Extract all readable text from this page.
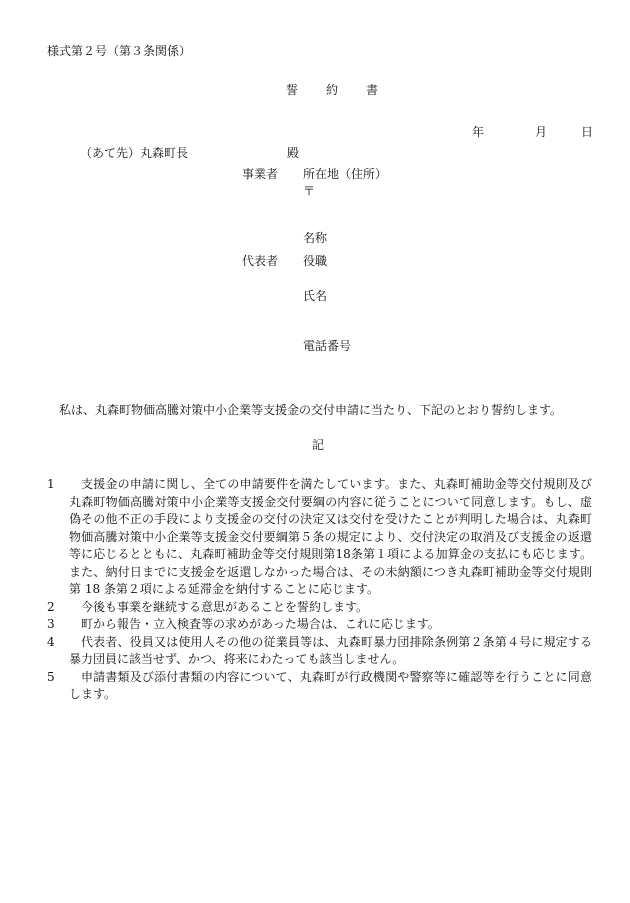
様式第２号（第３条関係）
誓　約　書
年	月	日
（あて先）丸森町長	殿
事業者 所在地（住所）
〒
名称
代表者 役職
氏名
電話番号

私は、丸森町物価高騰対策中小企業等支援金の交付申請に当たり、下記のとおり誓約します。

記
1	支援金の申請に関し、全ての申請要件を満たしています。また、丸森町補助金等交付規則及び丸森町物価高騰対策中小企業等支援金交付要綱の内容に従うことについて同意します。もし、虚偽その他不正の手段により支援金の交付の決定又は交付を受けたことが判明した場合は、丸森町物価高騰対策中小企業等支援金交付要綱第５条の規定により、交付決定の取消及び支援金の返還等に応じるとともに、丸森町補助金等交付規則第18条第１項による加算金の支払にも応じます。また、納付日までに支援金を返還しなかった場合は、その未納額につき丸森町補助金等交付規則第 18 条第２項による延滞金を納付することに応じます。
2	今後も事業を継続する意思があることを誓約します。
3	町から報告・立入検査等の求めがあった場合は、これに応じます。
4	代表者、役員又は使用人その他の従業員等は、丸森町暴力団排除条例第２条第４号に規定する暴力団員に該当せず、かつ、将来にわたっても該当しません。
5	申請書類及び添付書類の内容について、丸森町が行政機関や警察等に確認等を行うことに同意します。
